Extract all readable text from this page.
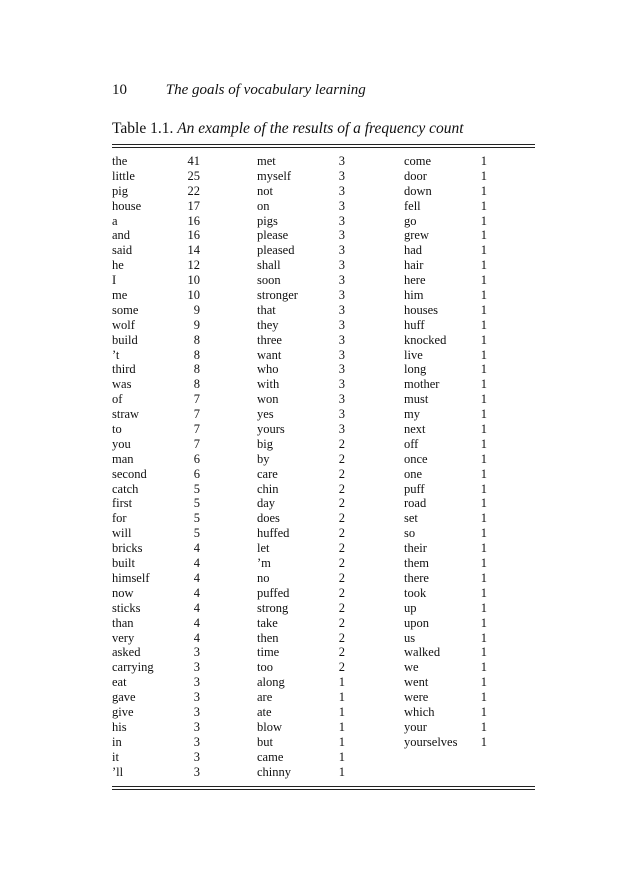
10	The goals of vocabulary learning
Table 1.1. An example of the results of a frequency count
the	41
little	25
pig	22
house	17
a	16
and	16
said	14
he	12
I	10
me	10
some	9
wolf	9
build	8
’t	8
third	8
was	8
of	7
straw	7
to	7
you	7
man	6
second	6
catch	5
first	5
for	5
will	5
bricks	4
built	4
himself	4
now	4
sticks	4
than	4
very	4
asked	3
carrying	3
eat	3
gave	3
give	3
his	3
in	3
it	3
’ll	3
met	3
myself	3
not	3
on	3
pigs	3
please	3
pleased	3
shall	3
soon	3
stronger	3
that	3
they	3
three	3
want	3
who	3
with	3
won	3
yes	3
yours	3
big	2
by	2
care	2
chin	2
day	2
does	2
huffed	2
let	2
’m	2
no	2
puffed	2
strong	2
take	2
then	2
time	2
too	2
along	1
are	1
ate	1
blow	1
but	1
came	1
chinny	1
come	1
door	1
down	1
fell	1
go	1
grew	1
had	1
hair	1
here	1
him	1
houses	1
huff	1
knocked	1
live	1
long	1
mother	1
must	1
my	1
next	1
off	1
once	1
one	1
puff	1
road	1
set	1
so	1
their	1
them	1
there	1
took	1
up	1
upon	1
us	1
walked	1
we	1
went	1
were	1
which	1
your	1
yourselves	1
